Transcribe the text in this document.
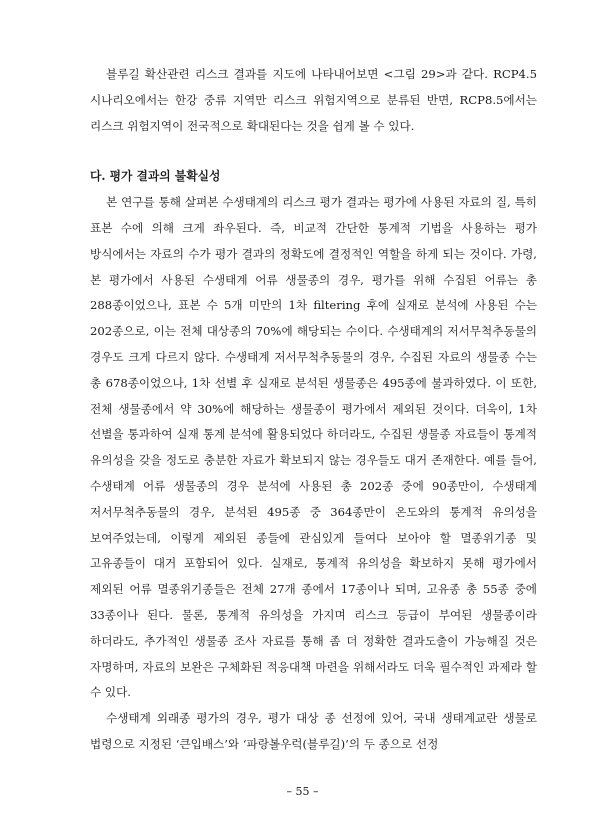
블루길 확산관련 리스크 결과를 지도에 나타내어보면 <그림 29>과 같다. RCP4.5 시나리오에서는 한강 중류 지역만 리스크 위험지역으로 분류된 반면, RCP8.5에서는 리스크 위험지역이 전국적으로 확대된다는 것을 쉽게 볼 수 있다.

다. 평가 결과의 불확실성

본 연구를 통해 살펴본 수생태계의 리스크 평가 결과는 평가에 사용된 자료의 질, 특히 표본 수에 의해 크게 좌우된다. 즉, 비교적 간단한 통계적 기법을 사용하는 평가 방식에서는 자료의 수가 평가 결과의 정확도에 결정적인 역할을 하게 되는 것이다. 가령, 본 평가에서 사용된 수생태계 어류 생물종의 경우, 평가를 위해 수집된 어류는 총 288종이었으나, 표본 수 5개 미만의 1차 filtering 후에 실재로 분석에 사용된 수는 202종으로, 이는 전체 대상종의 70%에 해당되는 수이다. 수생태계의 저서무척추동물의 경우도 크게 다르지 않다. 수생태계 저서무척추동물의 경우, 수집된 자료의 생물종 수는 총 678종이었으나, 1차 선별 후 실재로 분석된 생물종은 495종에 불과하였다. 이 또한, 전체 생물종에서 약 30%에 해당하는 생물종이 평가에서 제외된 것이다. 더욱이, 1차 선별을 통과하여 실재 통계 분석에 활용되었다 하더라도, 수집된 생물종 자료들이 통계적 유의성을 갖을 정도로 충분한 자료가 확보되지 않는 경우들도 대거 존재한다. 예를 들어, 수생태계 어류 생물종의 경우 분석에 사용된 총 202종 중에 90종만이, 수생태계 저서무척추동물의 경우, 분석된 495종 중 364종만이 온도와의 통계적 유의성을 보여주었는데, 이렇게 제외된 종들에 관심있게 들여다 보아야 할 멸종위기종 및 고유종들이 대거 포함되어 있다. 실재로, 통계적 유의성을 확보하지 못해 평가에서 제외된 어류 멸종위기종들은 전체 27개 종에서 17종이나 되며, 고유종 총 55종 중에 33종이나 된다. 물론, 통계적 유의성을 가지며 리스크 등급이 부여된 생물종이라 하더라도, 추가적인 생물종 조사 자료를 통해 좀 더 정확한 결과도출이 가능해질 것은 자명하며, 자료의 보완은 구체화된 적응대책 마련을 위해서라도 더욱 필수적인 과제라 할 수 있다.

수생태계 외래종 평가의 경우, 평가 대상 종 선정에 있어, 국내 생태계교란 생물로 법령으로 지정된 ‘큰입배스’와 ‘파랑볼우럭(블루길)’의 두 종으로 선정

– 55 –
